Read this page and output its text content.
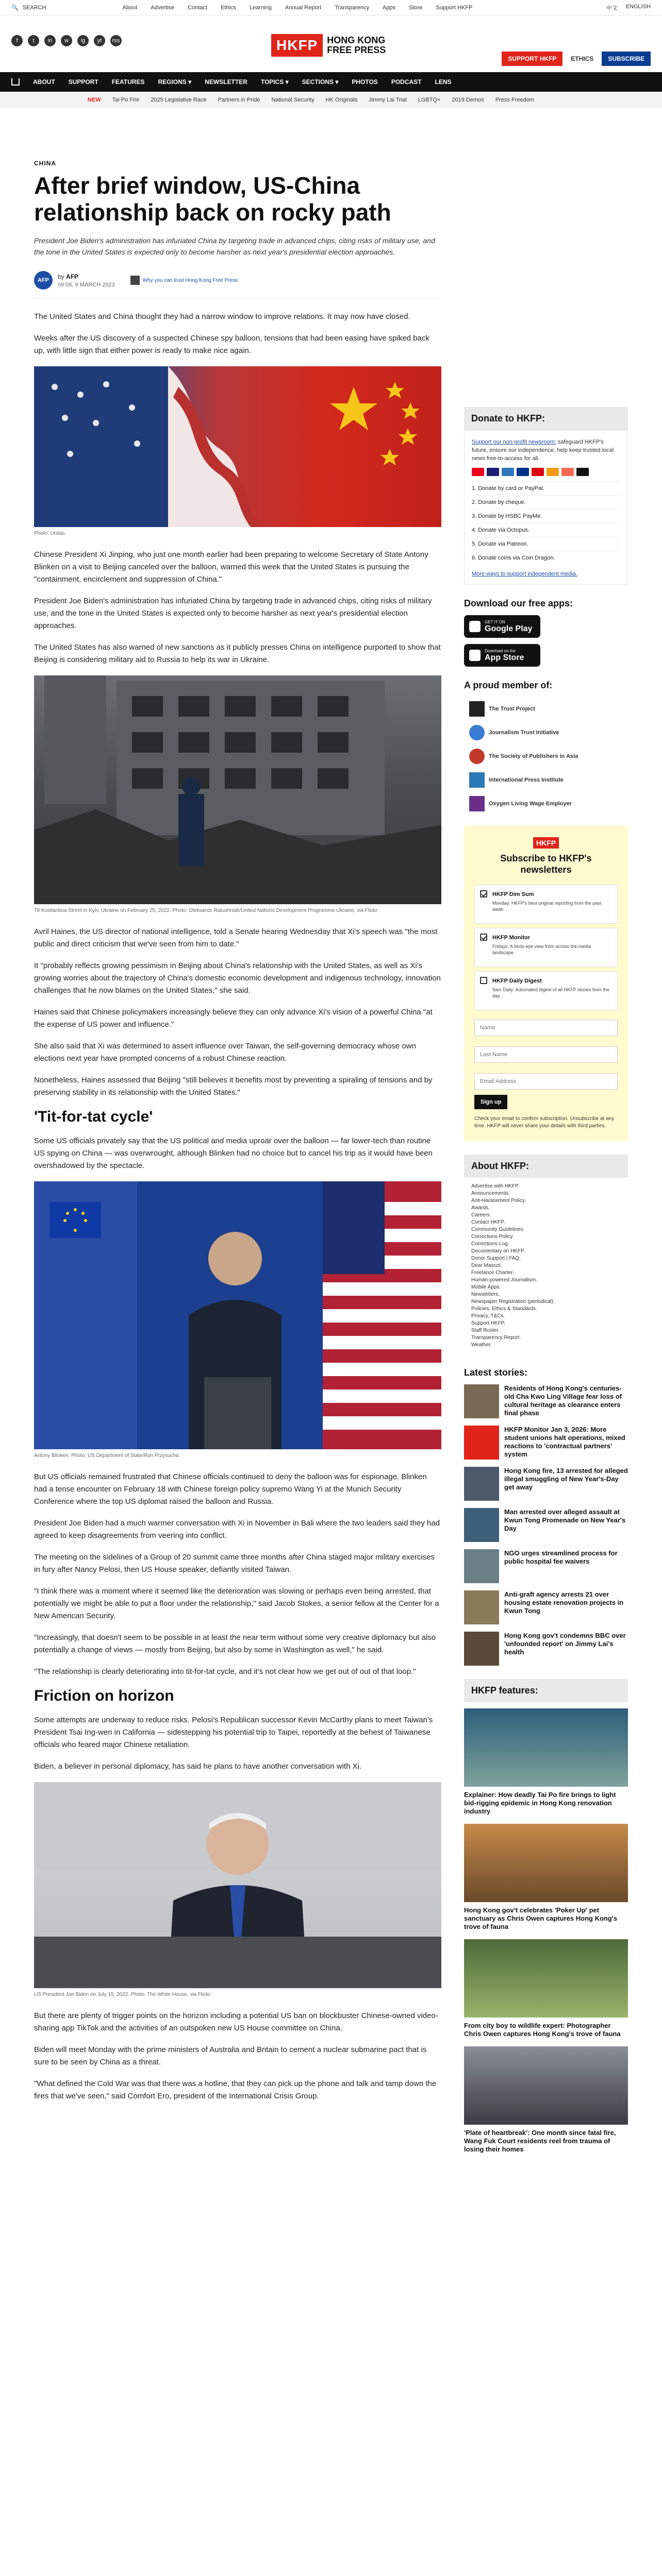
🔍 SEARCH	About Advertise Contact Ethics Learning Annual Report Transparency Apps Store Support HKFP	中文 ENGLISH
f	t	in	w	ig	yt	rss	HKFP	HONG KONG
FREE PRESS
SUPPORT HKFP	ETHICS	SUBSCRIBE
ABOUT SUPPORT FEATURES REGIONS ▾ NEWSLETTER TOPICS ▾ SECTIONS ▾ PHOTOS PODCAST LENS
NEW Tai Po Fire 2025 Legislative Race Partners in Pride National Security HK Originals Jimmy Lai Trial LGBTQ+ 2019 Demos Press Freedom
CHINA
After brief window, US-China relationship back on rocky path
President Joe Biden's administration has infuriated China by targeting trade in advanced chips, citing risks of military use, and the tone in the United States is expected only to become harsher as next year's presidential election approaches.
AFP
by AFP
09:06, 9 MARCH 2023
Why you can trust Hong Kong Free Press

The United States and China thought they had a narrow window to improve relations. It may now have closed.

Weeks after the US discovery of a suspected Chinese spy balloon, tensions that had been easing have spiked back up, with little sign that either power is ready to make nice again.

Photo: Unilas.

Chinese President Xi Jinping, who just one month earlier had been preparing to welcome Secretary of State Antony Blinken on a visit to Beijing canceled over the balloon, warned this week that the United States is pursuing the "containment, encirclement and suppression of China."

President Joe Biden's administration has infuriated China by targeting trade in advanced chips, citing risks of military use, and the tone in the United States is expected only to become harsher as next year's presidential election approaches.

The United States has also warned of new sanctions as it publicly presses China on intelligence purported to show that Beijing is considering military aid to Russia to help its war in Ukraine.

79 Kostiantina Street in Kyiv, Ukraine on February 25, 2022. Photo: Oleksandr Ratushniak/United Nations Development Programme Ukraine, via Flickr.

Avril Haines, the US director of national intelligence, told a Senate hearing Wednesday that Xi's speech was "the most public and direct criticism that we've seen from him to date."

It "probably reflects growing pessimism in Beijing about China's relationship with the United States, as well as Xi's growing worries about the trajectory of China's domestic economic development and indigenous technology, innovation challenges that he now blames on the United States," she said.

Haines said that Chinese policymakers increasingly believe they can only advance Xi's vision of a powerful China "at the expense of US power and influence."

She also said that Xi was determined to assert influence over Taiwan, the self-governing democracy whose own elections next year have prompted concerns of a robust Chinese reaction.

Nonetheless, Haines assessed that Beijing "still believes it benefits most by preventing a spiraling of tensions and by preserving stability in its relationship with the United States."

'Tit-for-tat cycle'

Some US officials privately say that the US political and media uproar over the balloon — far lower-tech than routine US spying on China — was overwrought, although Blinken had no choice but to cancel his trip as it would have been overshadowed by the spectacle.

Antony Blinken. Photo: US Department of State/Ron Przysucha.

But US officials remained frustrated that Chinese officials continued to deny the balloon was for espionage. Blinken had a tense encounter on February 18 with Chinese foreign policy supremo Wang Yi at the Munich Security Conference where the top US diplomat raised the balloon and Russia.

President Joe Biden had a much warmer conversation with Xi in November in Bali where the two leaders said they had agreed to keep disagreements from veering into conflict.

The meeting on the sidelines of a Group of 20 summit came three months after China staged major military exercises in fury after Nancy Pelosi, then US House speaker, defiantly visited Taiwan.

"I think there was a moment where it seemed like the deterioration was slowing or perhaps even being arrested, that potentially we might be able to put a floor under the relationship," said Jacob Stokes, a senior fellow at the Center for a New American Security.

"Increasingly, that doesn't seem to be possible in at least the near term without some very creative diplomacy but also potentially a change of views — mostly from Beijing, but also by some in Washington as well," he said.

"The relationship is clearly deteriorating into tit-for-tat cycle, and it's not clear how we get out of out of that loop."

Friction on horizon

Some attempts are underway to reduce risks. Pelosi's Republican successor Kevin McCarthy plans to meet Taiwan's President Tsai Ing-wen in California — sidestepping his potential trip to Taipei, reportedly at the behest of Taiwanese officials who feared major Chinese retaliation.

Biden, a believer in personal diplomacy, has said he plans to have another conversation with Xi.

US President Joe Biden on July 15, 2022. Photo: The White House, via Flickr.

But there are plenty of trigger points on the horizon including a potential US ban on blockbuster Chinese-owned video-sharing app TikTok and the activities of an outspoken new US House committee on China.

Biden will meet Monday with the prime ministers of Australia and Britain to cement a nuclear submarine pact that is sure to be seen by China as a threat.

"What defined the Cold War was that there was a hotline, that they can pick up the phone and talk and tamp down the fires that we've seen," said Comfort Ero, president of the International Crisis Group.

Donate to HKFP:
Support our non-profit newsroom: safeguard HKFP's future, ensure our independence, help keep trusted local news free-to-access for all.
1. Donate by card or PayPal.
2. Donate by cheque.
3. Donate by HSBC PayMe.
4. Donate via Octopus.
5. Donate via Patreon.
6. Donate coins via Coin Dragon.
More ways to support independent media.
Download our free apps:
GET IT ON
Google Play
Download on the
App Store
A proud member of:
The Trust Project
Journalism Trust Initiative
The Society of Publishers in Asia
International Press Institute
Oxygen Living Wage Employer
HKFP
Subscribe to HKFP's newsletters
HKFP Dim Sum

Monday: HKFP's best original reporting from the past week.

HKFP Monitor

Fridays: A birds-eye view from across the media landscape.

HKFP Daily Digest

9am Daily: Automated digest of all HKFP stories from the day.

Name Last Name Email Address Sign up
Check your email to confirm subscription. Unsubscribe at any time. HKFP will never share your details with third parties.
About HKFP:
Advertise with HKFP.
Announcements.
Anti-Harassment Policy.
Awards.
Careers.
Contact HKFP.
Community Guidelines.
Corrections Policy.
Corrections Log.
Documentary on HKFP.
Donor Support | FAQ.
Dear Mascot.
Freelance Charter.
Human-powered Journalism.
Mobile Apps.
Newsletters.
Newspaper Registration (periodical).
Policies, Ethics & Standards.
Privacy, T&Cs.
Support HKFP.
Staff Roster.
Transparency Report.
Weather.
Latest stories:
Residents of Hong Kong's centuries-old Cha Kwo Ling Village fear loss of cultural heritage as clearance enters final phase
HKFP Monitor Jan 3, 2026: More student unions halt operations, mixed reactions to 'contractual partners' system
Hong Kong fire, 13 arrested for alleged illegal smuggling of New Year's-Day get away
Man arrested over alleged assault at Kwun Tong Promenade on New Year's Day
NGO urges streamlined process for public hospital fee waivers
Anti-graft agency arrests 21 over housing estate renovation projects in Kwun Tong
Hong Kong gov't condemns BBC over 'unfounded report' on Jimmy Lai's health
HKFP features:
Explainer: How deadly Tai Po fire brings to light bid-rigging epidemic in Hong Kong renovation industry
Hong Kong gov't celebrates 'Poker Up' pet sanctuary as Chris Owen captures Hong Kong's trove of fauna
From city boy to wildlife expert: Photographer Chris Owen captures Hong Kong's trove of fauna
'Plate of heartbreak': One month since fatal fire, Wang Fuk Court residents reel from trauma of losing their homes
